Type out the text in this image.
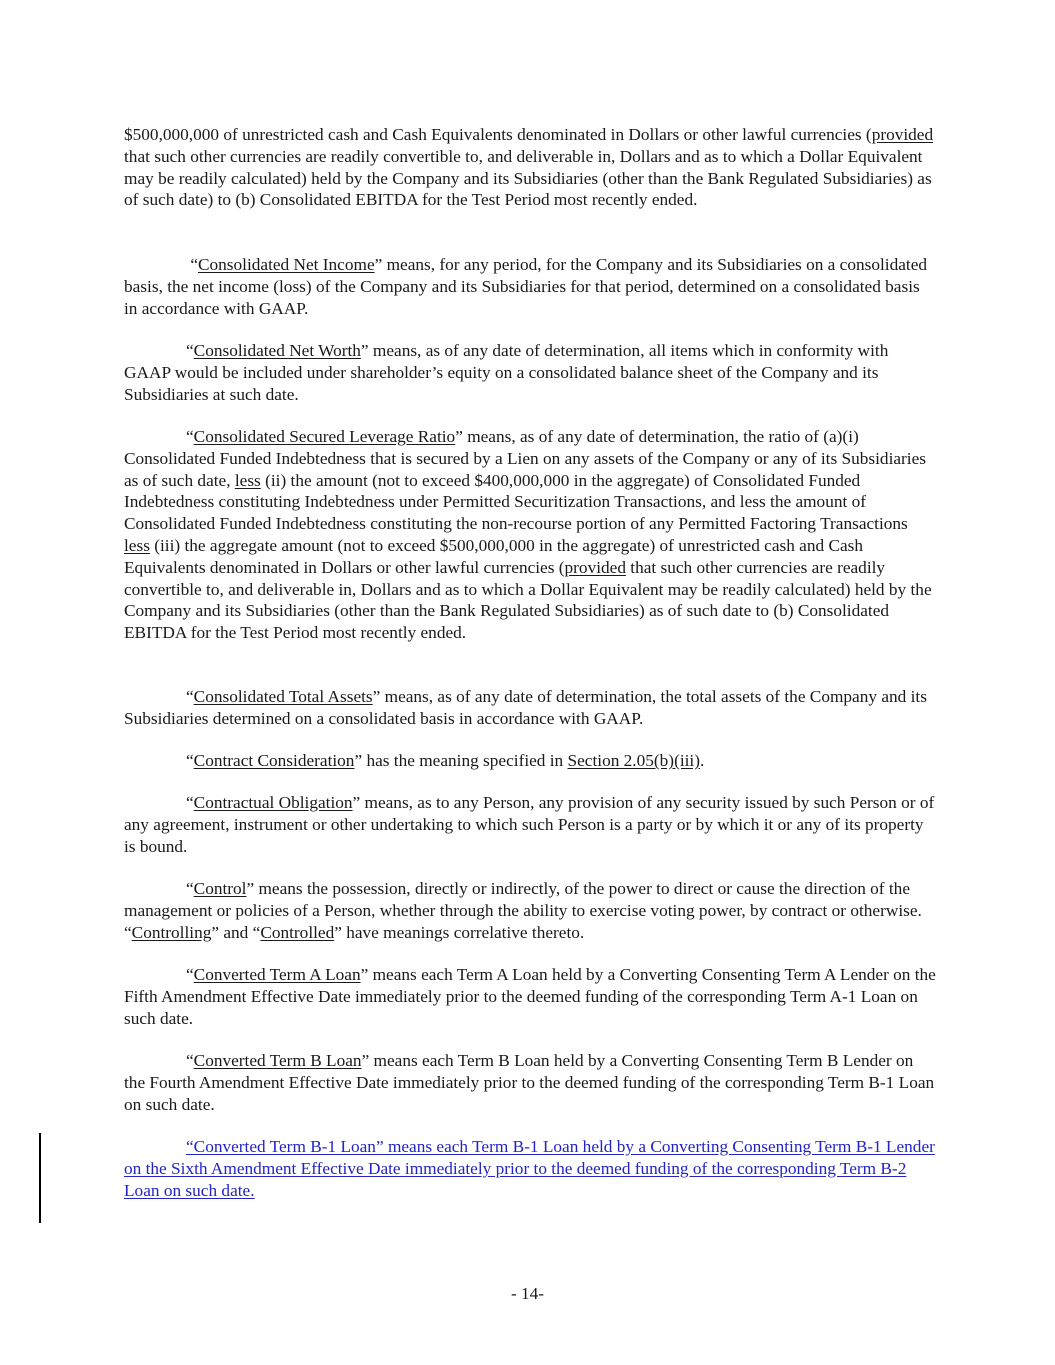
$500,000,000 of unrestricted cash and Cash Equivalents denominated in Dollars or other lawful currencies (provided that such other currencies are readily convertible to, and deliverable in, Dollars and as to which a Dollar Equivalent may be readily calculated) held by the Company and its Subsidiaries (other than the Bank Regulated Subsidiaries) as of such date) to (b) Consolidated EBITDA for the Test Period most recently ended.

“Consolidated Net Income” means, for any period, for the Company and its Subsidiaries on a consolidated basis, the net income (loss) of the Company and its Subsidiaries for that period, determined on a consolidated basis in accordance with GAAP.

“Consolidated Net Worth” means, as of any date of determination, all items which in conformity with GAAP would be included under shareholder’s equity on a consolidated balance sheet of the Company and its Subsidiaries at such date.

“Consolidated Secured Leverage Ratio” means, as of any date of determination, the ratio of (a)(i) Consolidated Funded Indebtedness that is secured by a Lien on any assets of the Company or any of its Subsidiaries as of such date, less (ii) the amount (not to exceed $400,000,000 in the aggregate) of Consolidated Funded Indebtedness constituting Indebtedness under Permitted Securitization Transactions, and less the amount of Consolidated Funded Indebtedness constituting the non-recourse portion of any Permitted Factoring Transactions less (iii) the aggregate amount (not to exceed $500,000,000 in the aggregate) of unrestricted cash and Cash Equivalents denominated in Dollars or other lawful currencies (provided that such other currencies are readily convertible to, and deliverable in, Dollars and as to which a Dollar Equivalent may be readily calculated) held by the Company and its Subsidiaries (other than the Bank Regulated Subsidiaries) as of such date to (b) Consolidated EBITDA for the Test Period most recently ended.

“Consolidated Total Assets” means, as of any date of determination, the total assets of the Company and its Subsidiaries determined on a consolidated basis in accordance with GAAP.

“Contract Consideration” has the meaning specified in Section 2.05(b)(iii).

“Contractual Obligation” means, as to any Person, any provision of any security issued by such Person or of any agreement, instrument or other undertaking to which such Person is a party or by which it or any of its property is bound.

“Control” means the possession, directly or indirectly, of the power to direct or cause the direction of the management or policies of a Person, whether through the ability to exercise voting power, by contract or otherwise. “Controlling” and “Controlled” have meanings correlative thereto.

“Converted Term A Loan” means each Term A Loan held by a Converting Consenting Term A Lender on the Fifth Amendment Effective Date immediately prior to the deemed funding of the corresponding Term A-1 Loan on such date.

“Converted Term B Loan” means each Term B Loan held by a Converting Consenting Term B Lender on the Fourth Amendment Effective Date immediately prior to the deemed funding of the corresponding Term B-1 Loan on such date.

“Converted Term B-1 Loan” means each Term B-1 Loan held by a Converting Consenting Term B-1 Lender on the Sixth Amendment Effective Date immediately prior to the deemed funding of the corresponding Term B-2 Loan on such date.

- 14-
